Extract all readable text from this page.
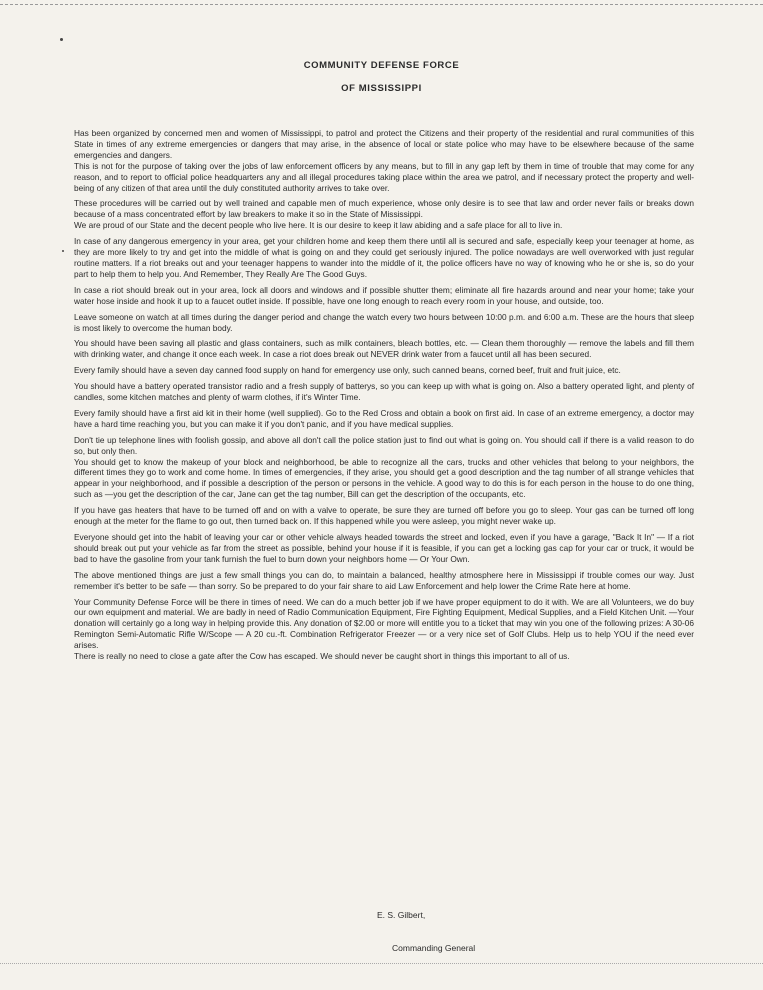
COMMUNITY DEFENSE FORCE
OF MISSISSIPPI

Has been organized by concerned men and women of Mississippi, to patrol and protect the Citizens and their property of the residential and rural communities of this State in times of any extreme emergencies or dangers that may arise, in the absence of local or state police who may have to be elsewhere because of the same emergencies and dangers.

This is not for the purpose of taking over the jobs of law enforcement officers by any means, but to fill in any gap left by them in time of trouble that may come for any reason, and to report to official police headquarters any and all illegal procedures taking place within the area we patrol, and if necessary protect the property and well-being of any citizen of that area until the duly constituted authority arrives to take over.

These procedures will be carried out by well trained and capable men of much experience, whose only desire is to see that law and order never fails or breaks down because of a mass concentrated effort by law breakers to make it so in the State of Mississippi.

We are proud of our State and the decent people who live here. It is our desire to keep it law abiding and a safe place for all to live in.

In case of any dangerous emergency in your area, get your children home and keep them there until all is secured and safe, especially keep your teenager at home, as they are more likely to try and get into the middle of what is going on and they could get seriously injured. The police nowadays are well overworked with just regular routine matters. If a riot breaks out and your teenager happens to wander into the middle of it, the police officers have no way of knowing who he or she is, so do your part to help them to help you. And Remember, They Really Are The Good Guys.

In case a riot should break out in your area, lock all doors and windows and if possible shutter them; eliminate all fire hazards around and near your home; take your water hose inside and hook it up to a faucet outlet inside. If possible, have one long enough to reach every room in your house, and outside, too.

Leave someone on watch at all times during the danger period and change the watch every two hours between 10:00 p.m. and 6:00 a.m. These are the hours that sleep is most likely to overcome the human body.

You should have been saving all plastic and glass containers, such as milk containers, bleach bottles, etc. — Clean them thoroughly — remove the labels and fill them with drinking water, and change it once each week. In case a riot does break out NEVER drink water from a faucet until all has been secured.

Every family should have a seven day canned food supply on hand for emergency use only, such canned beans, corned beef, fruit and fruit juice, etc.

You should have a battery operated transistor radio and a fresh supply of batterys, so you can keep up with what is going on. Also a battery operated light, and plenty of candles, some kitchen matches and plenty of warm clothes, if it's Winter Time.

Every family should have a first aid kit in their home (well supplied). Go to the Red Cross and obtain a book on first aid. In case of an extreme emergency, a doctor may have a hard time reaching you, but you can make it if you don't panic, and if you have medical supplies.

Don't tie up telephone lines with foolish gossip, and above all don't call the police station just to find out what is going on. You should call if there is a valid reason to do so, but only then.

You should get to know the makeup of your block and neighborhood, be able to recognize all the cars, trucks and other vehicles that belong to your neighbors, the different times they go to work and come home. In times of emergencies, if they arise, you should get a good description and the tag number of all strange vehicles that appear in your neighborhood, and if possible a description of the person or persons in the vehicle. A good way to do this is for each person in the house to do one thing, such as —you get the description of the car, Jane can get the tag number, Bill can get the description of the occupants, etc.

If you have gas heaters that have to be turned off and on with a valve to operate, be sure they are turned off before you go to sleep. Your gas can be turned off long enough at the meter for the flame to go out, then turned back on. If this happened while you were asleep, you might never wake up.

Everyone should get into the habit of leaving your car or other vehicle always headed towards the street and locked, even if you have a garage, "Back It In" — If a riot should break out put your vehicle as far from the street as possible, behind your house if it is feasible, if you can get a locking gas cap for your car or truck, it would be bad to have the gasoline from your tank furnish the fuel to burn down your neighbors home — Or Your Own.

The above mentioned things are just a few small things you can do, to maintain a balanced, healthy atmosphere here in Mississippi if trouble comes our way. Just remember it's better to be safe — than sorry. So be prepared to do your fair share to aid Law Enforcement and help lower the Crime Rate here at home.

Your Community Defense Force will be there in times of need. We can do a much better job if we have proper equipment to do it with. We are all Volunteers, we do buy our own equipment and material. We are badly in need of Radio Communication Equipment, Fire Fighting Equipment, Medical Supplies, and a Field Kitchen Unit. —Your donation will certainly go a long way in helping provide this. Any donation of $2.00 or more will entitle you to a ticket that may win you one of the following prizes: A 30-06 Remington Semi-Automatic Rifle W/Scope — A 20 cu.-ft. Combination Refrigerator Freezer — or a very nice set of Golf Clubs. Help us to help YOU if the need ever arises.

There is really no need to close a gate after the Cow has escaped. We should never be caught short in things this important to all of us.

E. S. Gilbert,
Commanding General
